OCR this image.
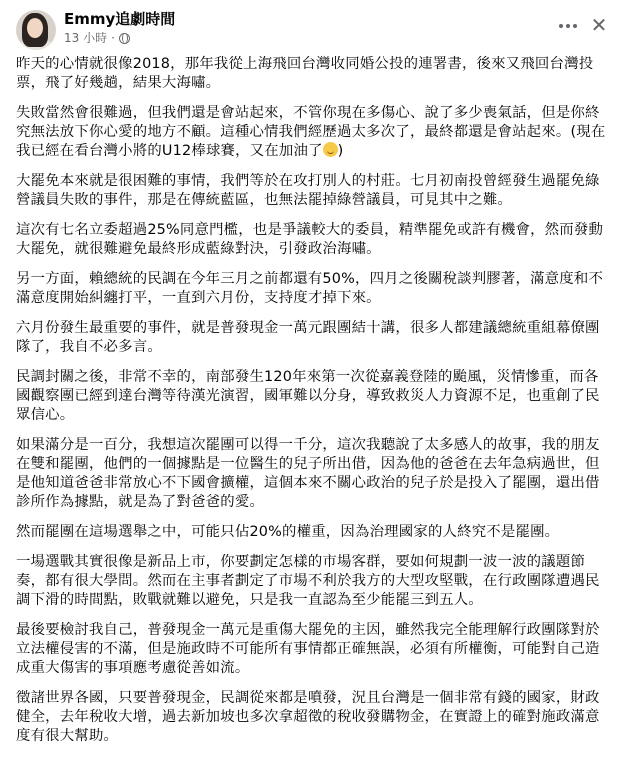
Emmy追劇時間
13 小時 ·
✕

昨天的心情就很像2018，那年我從上海飛回台灣收同婚公投的連署書，後來又飛回台灣投票，飛了好幾趟，結果大海嘯。

失敗當然會很難過，但我們還是會站起來，不管你現在多傷心、說了多少喪氣話，但是你終究無法放下你心愛的地方不顧。這種心情我們經歷過太多次了，最終都還是會站起來。(現在我已經在看台灣小將的U12棒球賽，又在加油了 )

大罷免本來就是很困難的事情，我們等於在攻打別人的村莊。七月初南投曾經發生過罷免綠營議員失敗的事件，那是在傳統藍區，也無法罷掉綠營議員，可見其中之難。

這次有七名立委超過25%同意門檻，也是爭議較大的委員，精準罷免或許有機會，然而發動大罷免，就很難避免最終形成藍綠對決，引發政治海嘯。

另一方面，賴總統的民調在今年三月之前都還有50%，四月之後關稅談判膠著，滿意度和不滿意度開始糾纏打平，一直到六月份，支持度才掉下來。

六月份發生最重要的事件，就是普發現金一萬元跟團結十講，很多人都建議總統重組幕僚團隊了，我自不必多言。

民調封關之後，非常不幸的，南部發生120年來第一次從嘉義登陸的颱風，災情慘重，而各國觀察團已經到達台灣等待漢光演習，國軍難以分身，導致救災人力資源不足，也重創了民眾信心。

如果滿分是一百分，我想這次罷團可以得一千分，這次我聽說了太多感人的故事，我的朋友在雙和罷團，他們的一個據點是一位醫生的兒子所出借，因為他的爸爸在去年急病過世，但是他知道爸爸非常放心不下國會擴權，這個本來不關心政治的兒子於是投入了罷團，還出借診所作為據點，就是為了對爸爸的愛。

然而罷團在這場選舉之中，可能只佔20%的權重，因為治理國家的人終究不是罷團。

一場選戰其實很像是新品上市，你要劃定怎樣的市場客群，要如何規劃一波一波的議題節奏，都有很大學問。然而在主事者劃定了市場不利於我方的大型攻堅戰，在行政團隊遭遇民調下滑的時間點，敗戰就難以避免，只是我一直認為至少能罷三到五人。

最後要檢討我自己，普發現金一萬元是重傷大罷免的主因，雖然我完全能理解行政團隊對於立法權侵害的不滿，但是施政時不可能所有事情都正確無誤，必須有所權衡，可能對自己造成重大傷害的事項應考慮從善如流。

徵諸世界各國，只要普發現金，民調從來都是噴發，況且台灣是一個非常有錢的國家，財政健全，去年稅收大增，過去新加坡也多次拿超徵的稅收發購物金，在實證上的確對施政滿意度有很大幫助。
